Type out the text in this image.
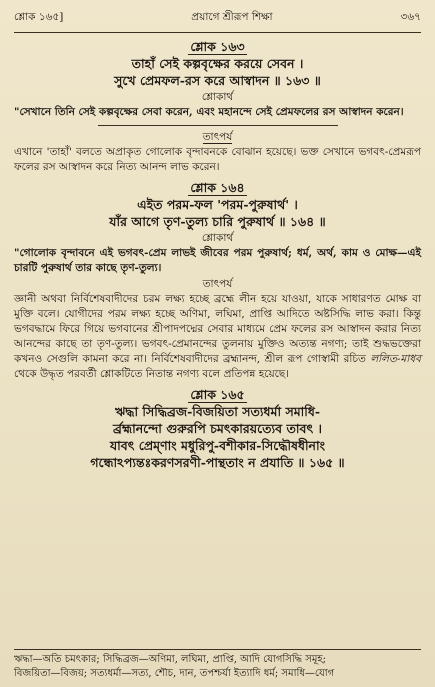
শ্লোক ১৬৫]	প্রয়াগে শ্রীরূপ শিক্ষা	৩৬৭
শ্লোক ১৬৩
তাহাঁ সেই কল্পবৃক্ষের করয়ে সেবন ।
সুখে প্রেমফল-রস করে আস্বাদন ॥ ১৬৩ ॥
শ্লোকার্থ
"সেখানে তিনি সেই কল্পবৃক্ষের সেবা করেন, এবং মহানন্দে সেই প্রেমফলের রস আস্বাদন করেন।
তাৎপর্য
এখানে 'তাহাঁ' বলতে অপ্রাকৃত গোলোক বৃন্দাবনকে বোঝান হয়েছে। ভক্ত সেখানে ভগবৎ-প্রেমরূপ ফলের রস আস্বাদন করে নিত্য আনন্দ লাভ করেন।
শ্লোক ১৬৪
এইত পরম-ফল 'পরম-পুরুষার্থ' ।
যাঁর আগে তৃণ-তুল্য চারি পুরুষার্থ ॥ ১৬৪ ॥
শ্লোকার্থ
"গোলোক বৃন্দাবনে এই ভগবৎ-প্রেম লাভই জীবের পরম পুরুষার্থ; ধর্ম, অর্থ, কাম ও মোক্ষ—এই চারটি পুরুষার্থ তার কাছে তৃণ-তুল্য।
তাৎপর্য
জ্ঞানী অথবা নির্বিশেষবাদীদের চরম লক্ষ্য হচ্ছে ব্রহ্মে লীন হয়ে যাওয়া, যাকে সাধারণত মোক্ষ বা মুক্তি বলে। যোগীদের পরম লক্ষ্য হচ্ছে অণিমা, লঘিমা, প্রাপ্তি আদিতে অষ্টসিদ্ধি লাভ করা। কিন্তু ভগবদ্ধামে ফিরে গিয়ে ভগবানের শ্রীপাদপদ্মের সেবার মাধ্যমে প্রেম ফলের রস আস্বাদন করার নিত্য আনন্দের কাছে তা তৃণ-তুল্য। ভগবৎ-প্রেমানন্দের তুলনায় মুক্তিও অত্যন্ত নগণ্য; তাই শুদ্ধভক্তেরা কখনও সেগুলি কামনা করে না। নির্বিশেষবাদীদের ব্রহ্মানন্দ, শ্রীল রূপ গোস্বামী রচিত ললিত-মাধব থেকে উদ্ধৃত পরবর্তী শ্লোকটিতে নিতান্ত নগণ্য বলে প্রতিপন্ন হয়েছে।
শ্লোক ১৬৫
ঋদ্ধা সিদ্ধিব্রজ-বিজয়িতা সত্যধর্মা সমাধি-
র্ব্রহ্মানন্দো গুরুরপি চমৎকারয়ত্যেব তাবৎ ।
যাবৎ প্রেম্ণাং মধুরিপু-বশীকার-সিদ্ধৌষধীনাং
গন্ধোঽপ্যন্তঃকরণসরণী-পান্থতাং ন প্রযাতি ॥ ১৬৫ ॥
ঋদ্ধা—অতি চমৎকার; সিদ্ধিব্রজ—অণিমা, লঘিমা, প্রাপ্তি, আদি যোগসিদ্ধি সমূহ;
বিজয়িতা—বিজয়; সত্যধর্মা—সত্য, শৌচ, দান, তপশ্চর্যা ইত্যাদি ধর্ম; সমাধি—যোগ
